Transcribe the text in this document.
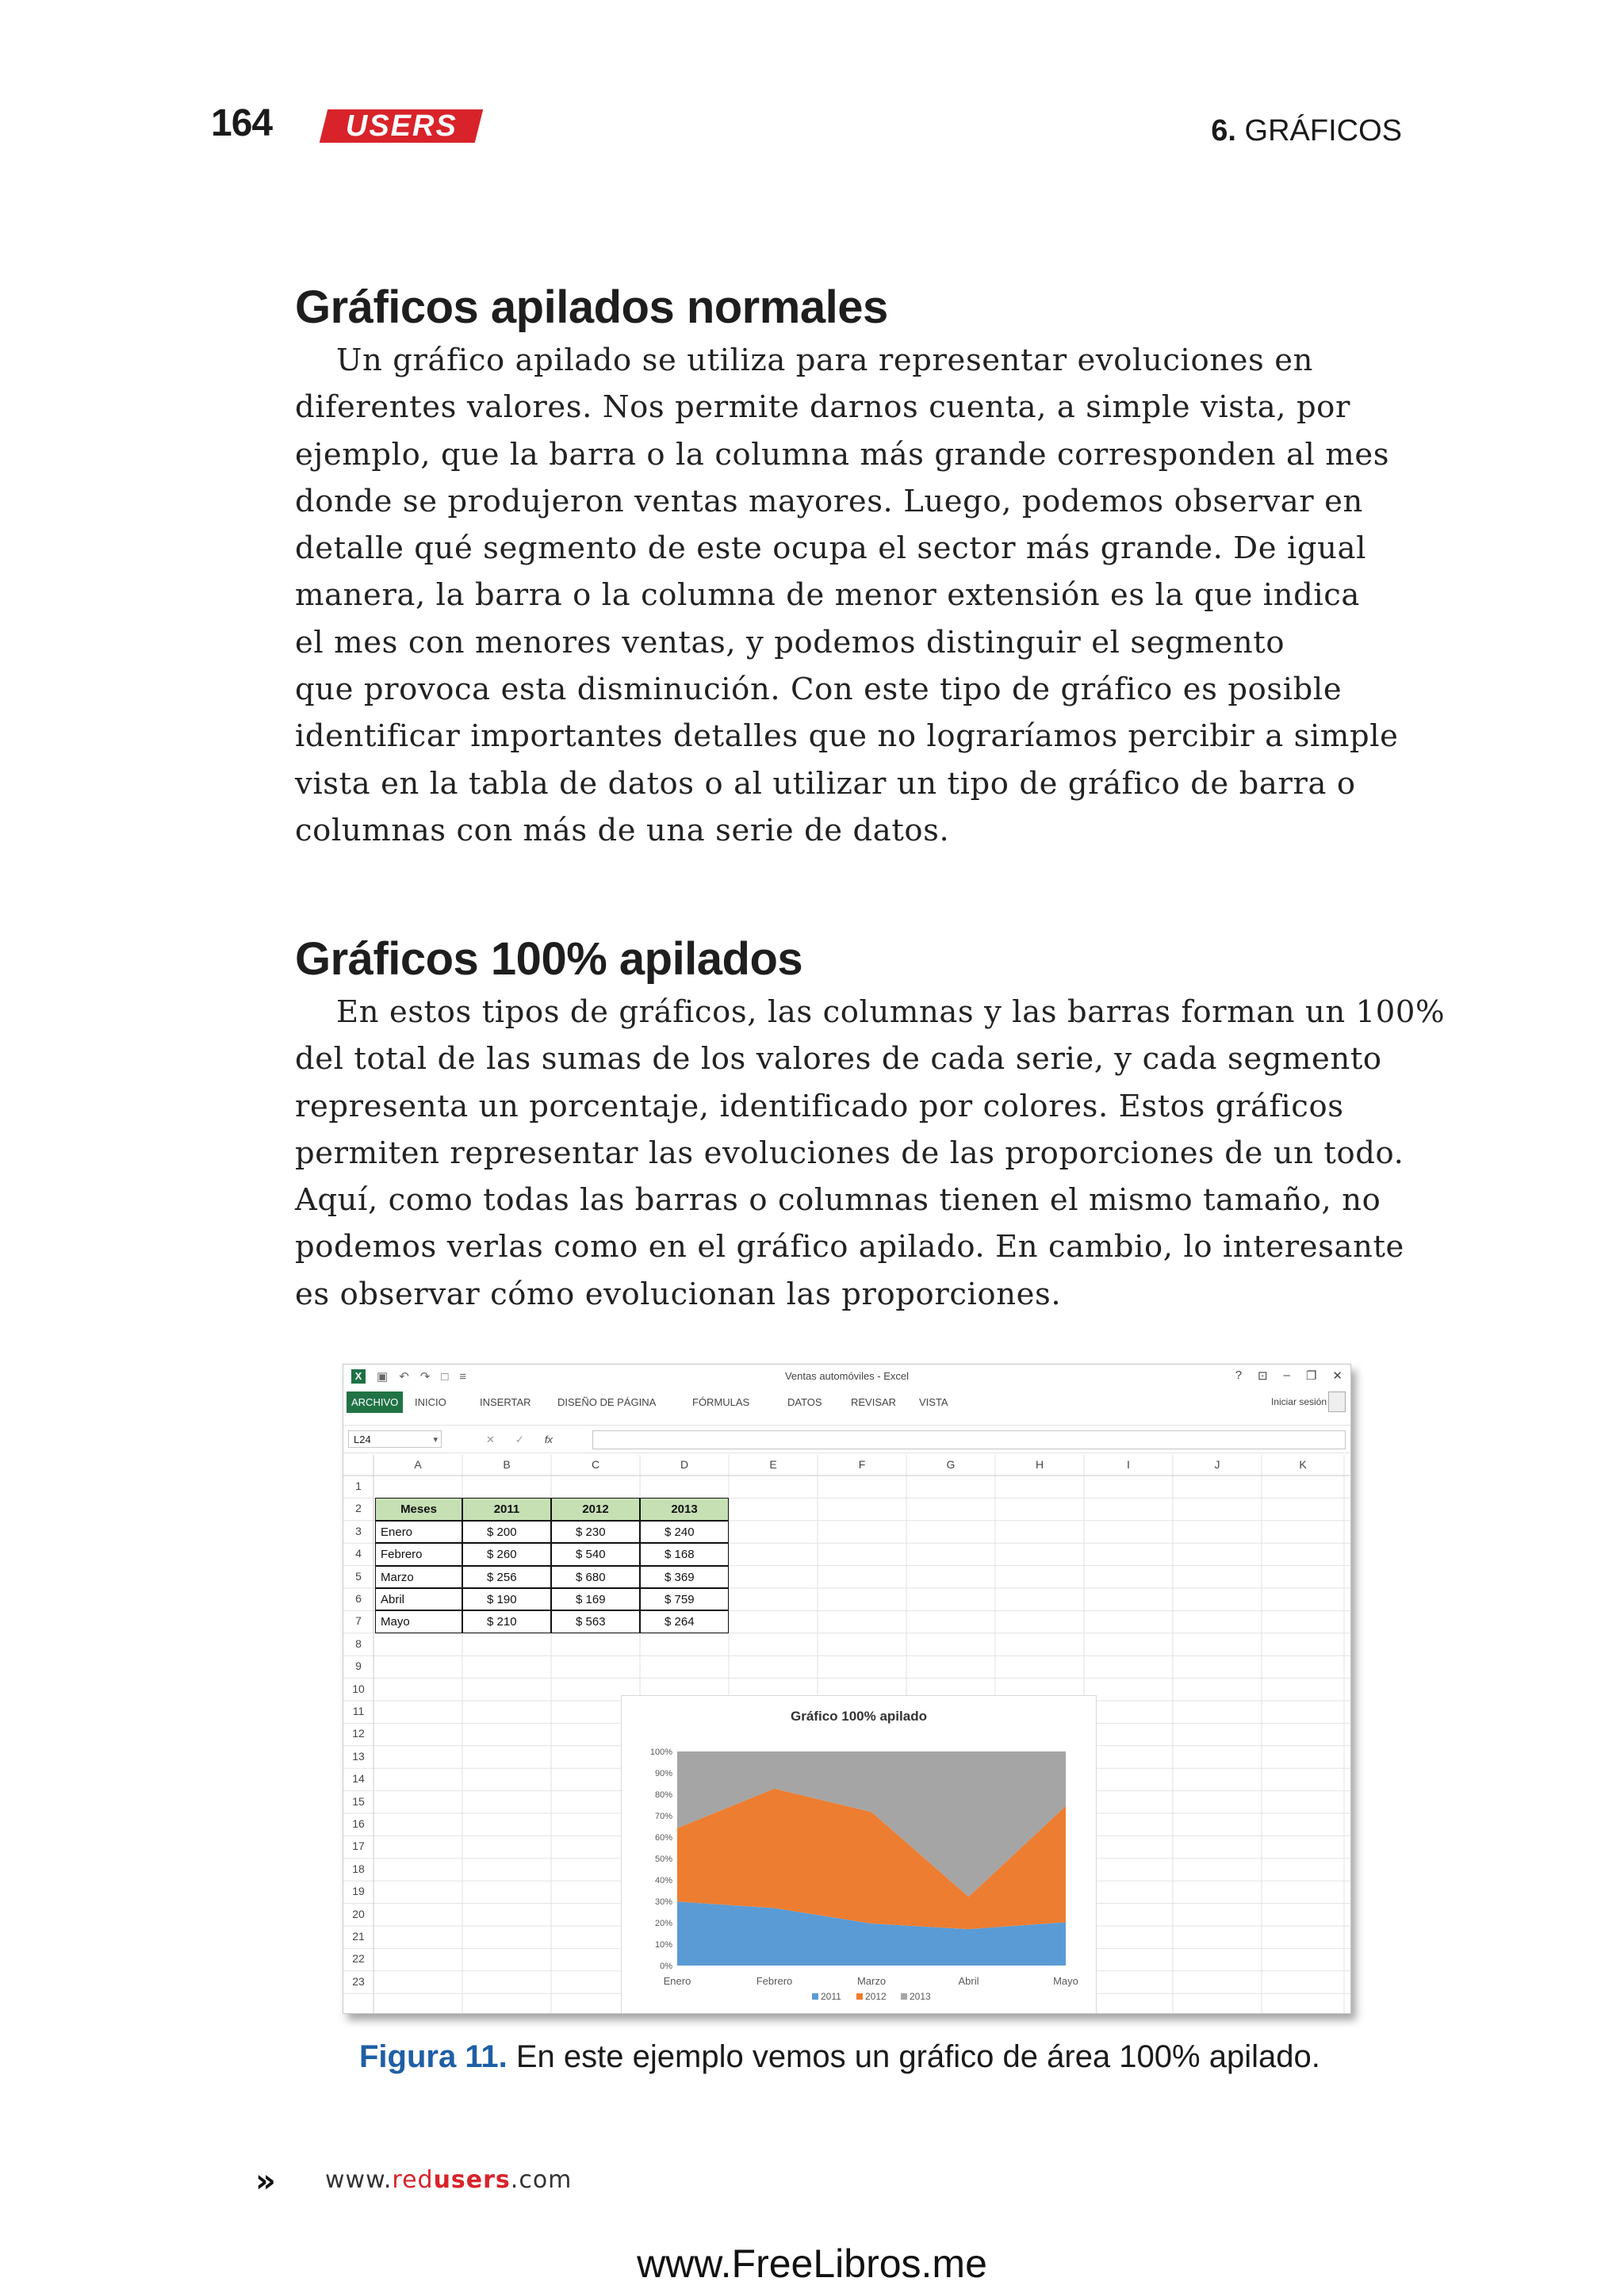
164 USERS	6. GRÁFICOS
Gráficos apilados normales
Un gráfico apilado se utiliza para representar evoluciones en
diferentes valores. Nos permite darnos cuenta, a simple vista, por
ejemplo, que la barra o la columna más grande corresponden al mes
donde se produjeron ventas mayores. Luego, podemos observar en
detalle qué segmento de este ocupa el sector más grande. De igual
manera, la barra o la columna de menor extensión es la que indica
el mes con menores ventas, y podemos distinguir el segmento
que provoca esta disminución. Con este tipo de gráfico es posible
identificar importantes detalles que no lograríamos percibir a simple
vista en la tabla de datos o al utilizar un tipo de gráfico de barra o
columnas con más de una serie de datos.
Gráficos 100% apilados
En estos tipos de gráficos, las columnas y las barras forman un 100%
del total de las sumas de los valores de cada serie, y cada segmento
representa un porcentaje, identificado por colores. Estos gráficos
permiten representar las evoluciones de las proporciones de un todo.
Aquí, como todas las barras o columnas tienen el mismo tamaño, no
podemos verlas como en el gráfico apilado. En cambio, lo interesante
es observar cómo evolucionan las proporciones.
X	▣ ↶ ↷ □ ≡	Ventas automóviles - Excel	? ⊡ – ❐ ✕
Iniciar sesión
ARCHIVO	INICIO	INSERTAR	DISEÑO DE PÁGINA	FÓRMULAS	DATOS	REVISAR VISTA
L24 ▾	✕ ✓ fx
A	B	C	D	E	F	G	H	I	J	K
1
2
3
4
5
6
7
8
9
10
11
12
13
14
15
16
17
18
19
20
21
22
23
Meses	2011	2012	2013
Enero	$ 200	$ 230	$ 240
Febrero	$ 260	$ 540	$ 168
Marzo	$ 256	$ 680	$ 369
Abril	$ 190	$ 169	$ 759
Mayo	$ 210	$ 563	$ 264
Gráfico 100% apilado
0%
10%
20%
30%
40%
50%
60%
70%
80%
90%
100%
Enero	Febrero	Marzo	Abril	Mayo
2011	2012 2013
Figura 11. En este ejemplo vemos un gráfico de área 100% apilado.
» www.redusers.com
www.FreeLibros.me
